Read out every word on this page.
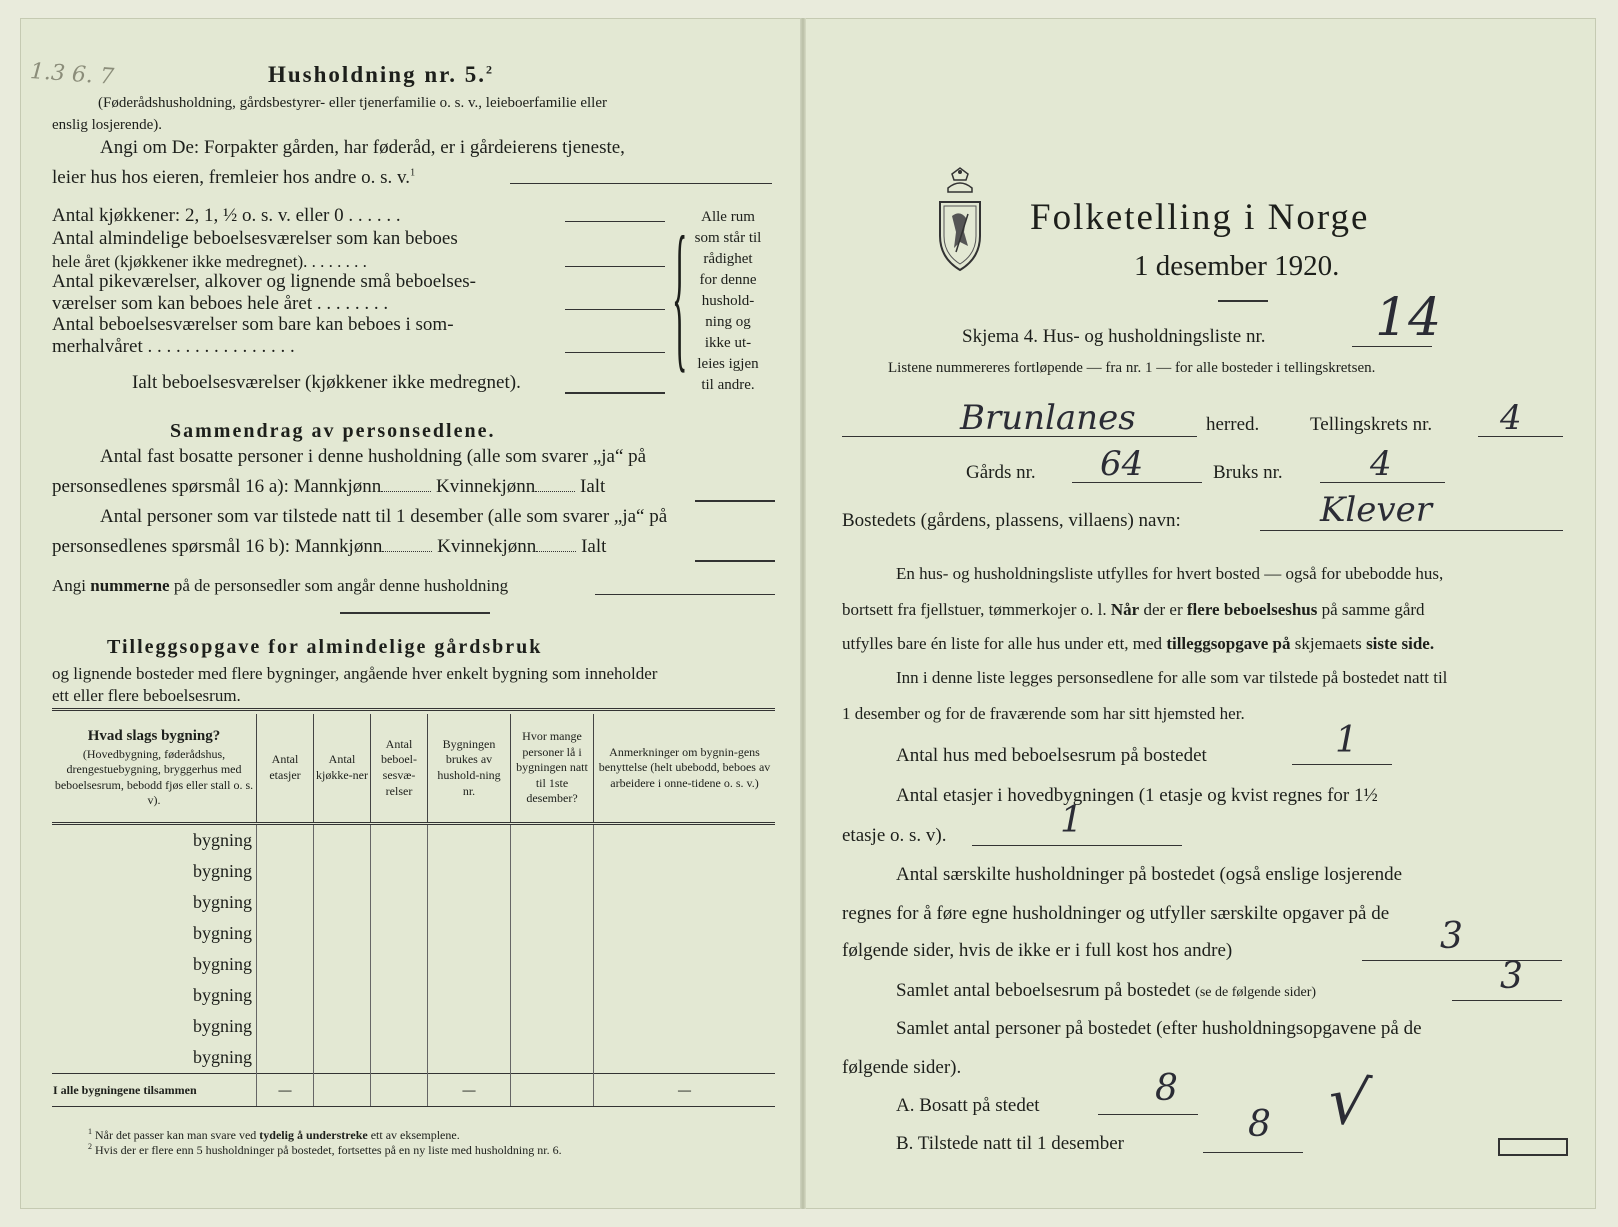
1.3 6. 7	Husholdning nr. 5.$^2$
(Føderådshusholdning, gårdsbestyrer- eller tjenerfamilie o. s. v., leieboerfamilie eller
enslig losjerende).
Angi om De: Forpakter gården, har føderåd, er i gårdeierens tjeneste,
leier hus hos eieren, fremleier hos andre o. s. v.$^1$
Antal kjøkkener: 2, 1, ½ o. s. v. eller 0 . . . . . .
Antal almindelige beboelsesværelser som kan beboes
hele året (kjøkkener ikke medregnet). . . . . . . .
Antal pikeværelser, alkover og lignende små beboelses-
værelser som kan beboes hele året . . . . . . . .
Antal beboelsesværelser som bare kan beboes i som-
merhalvåret . . . . . . . . . . . . . . . .	{ Alle rum
som står til
rådighet
for denne
hushold-
ning og
ikke ut-
leies igjen
til andre.
Ialt beboelsesværelser (kjøkkener ikke medregnet).
Sammendrag av personsedlene.
Antal fast bosatte personer i denne husholdning (alle som svarer „ja“ på
personsedlenes spørsmål 16 a): Mannkjønn	Kvinnekjønn Ialt
Antal personer som var tilstede natt til 1 desember (alle som svarer „ja“ på
personsedlenes spørsmål 16 b): Mannkjønn	Kvinnekjønn Ialt
Angi nummerne på de personsedler som angår denne husholdning
Tilleggsopgave for almindelige gårdsbruk
og lignende bosteder med flere bygninger, angående hver enkelt bygning som inneholder
ett eller flere beboelsesrum.
Hvad slags bygning?
(Hovedbygning, føderådshus, drengestuebygning, bryggerhus med beboelsesrum, bebodd fjøs eller stall o. s. v).	Antal etasjer	Antal kjøkke-ner	Antal beboel-sesvæ-relser	Bygningen brukes av hushold-ning nr.	Hvor mange personer lå i bygningen natt til 1ste desember?	Anmerkninger om bygnin-gens benyttelse (helt ubebodd, beboes av arbeidere i onne-tidene o. s. v.)
bygning						
bygning						
bygning						
bygning						
bygning						
bygning						
bygning						
bygning						
I alle bygningene tilsammen	—			—		—
$^1$ Når det passer kan man svare ved tydelig å understreke ett av eksemplene.
$^2$ Hvis der er flere enn 5 husholdninger på bostedet, fortsettes på en ny liste med husholdning nr. 6.
Folketelling i Norge
1 desember 1920.
Skjema 4. Hus- og husholdningsliste nr. 14
Listene nummereres fortløpende — fra nr. 1 — for alle bosteder i tellingskretsen.
Brunlanes	herred.	Tellingskrets nr. 4
Gårds nr. 64	Bruks nr.	4
Bostedets (gårdens, plassens, villaens) navn:	Klever
En hus- og husholdningsliste utfylles for hvert bosted — også for ubebodde hus,
bortsett fra fjellstuer, tømmerkojer o. l. Når der er flere beboelseshus på samme gård
utfylles bare én liste for alle hus under ett, med tilleggsopgave på skjemaets siste side.
Inn i denne liste legges personsedlene for alle som var tilstede på bostedet natt til
1 desember og for de fraværende som har sitt hjemsted her.
Antal hus med beboelsesrum på bostedet	1
Antal etasjer i hovedbygningen (1 etasje og kvist regnes for 1½
etasje o. s. v).	1
Antal særskilte husholdninger på bostedet (også enslige losjerende
regnes for å føre egne husholdninger og utfyller særskilte opgaver på de
følgende sider, hvis de ikke er i full kost hos andre)	3
Samlet antal beboelsesrum på bostedet (se de følgende sider)	3
Samlet antal personer på bostedet (efter husholdningsopgavene på de
følgende sider).
A. Bosatt på stedet	8
B. Tilstede natt til 1 desember	8 √
